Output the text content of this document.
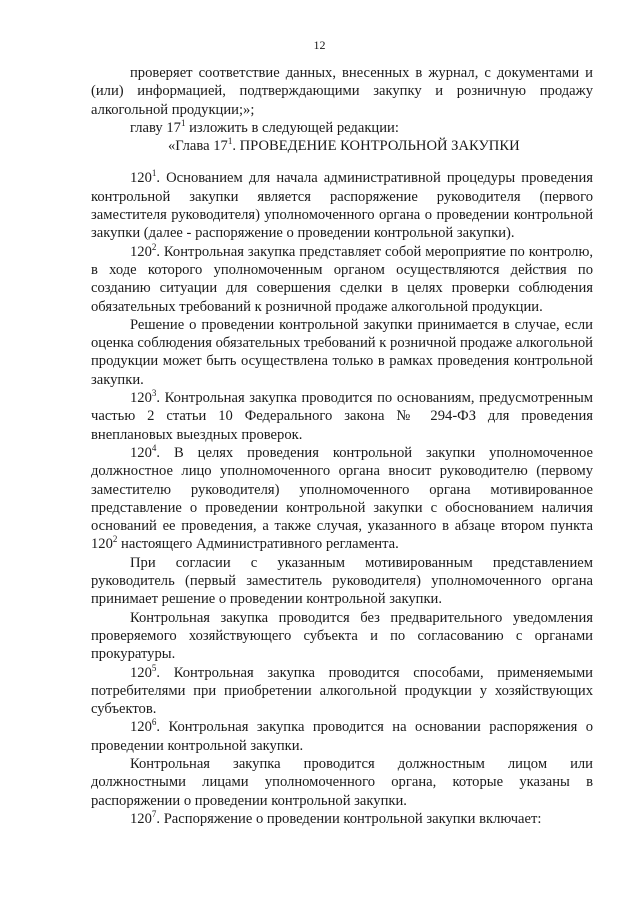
12

проверяет соответствие данных, внесенных в журнал, с документами и (или) информацией, подтверждающими закупку и розничную продажу алкогольной продукции;»;

главу $17^1$ изложить в следующей редакции:

«Глава $17^1$. ПРОВЕДЕНИЕ КОНТРОЛЬНОЙ ЗАКУПКИ

$120^1$. Основанием для начала административной процедуры проведения контрольной закупки является распоряжение руководителя (первого заместителя руководителя) уполномоченного органа о проведении контрольной закупки (далее - распоряжение о проведении контрольной закупки).

$120^2$. Контрольная закупка представляет собой мероприятие по контролю, в ходе которого уполномоченным органом осуществляются действия по созданию ситуации для совершения сделки в целях проверки соблюдения обязательных требований к розничной продаже алкогольной продукции.

Решение о проведении контрольной закупки принимается в случае, если оценка соблюдения обязательных требований к розничной продаже алкогольной продукции может быть осуществлена только в рамках проведения контрольной закупки.

$120^3$. Контрольная закупка проводится по основаниям, предусмотренным частью 2 статьи 10 Федерального закона № 294-ФЗ для проведения внеплановых выездных проверок.

$120^4$. В целях проведения контрольной закупки уполномоченное должностное лицо уполномоченного органа вносит руководителю (первому заместителю руководителя) уполномоченного органа мотивированное представление о проведении контрольной закупки с обоснованием наличия оснований ее проведения, а также случая, указанного в абзаце втором пункта $120^2$ настоящего Административного регламента.

При согласии с указанным мотивированным представлением руководитель (первый заместитель руководителя) уполномоченного органа принимает решение о проведении контрольной закупки.

Контрольная закупка проводится без предварительного уведомления проверяемого хозяйствующего субъекта и по согласованию с органами прокуратуры.

$120^5$. Контрольная закупка проводится способами, применяемыми потребителями при приобретении алкогольной продукции у хозяйствующих субъектов.

$120^6$. Контрольная закупка проводится на основании распоряжения о проведении контрольной закупки.

Контрольная закупка проводится должностным лицом или должностными лицами уполномоченного органа, которые указаны в распоряжении о проведении контрольной закупки.

$120^7$. Распоряжение о проведении контрольной закупки включает:
